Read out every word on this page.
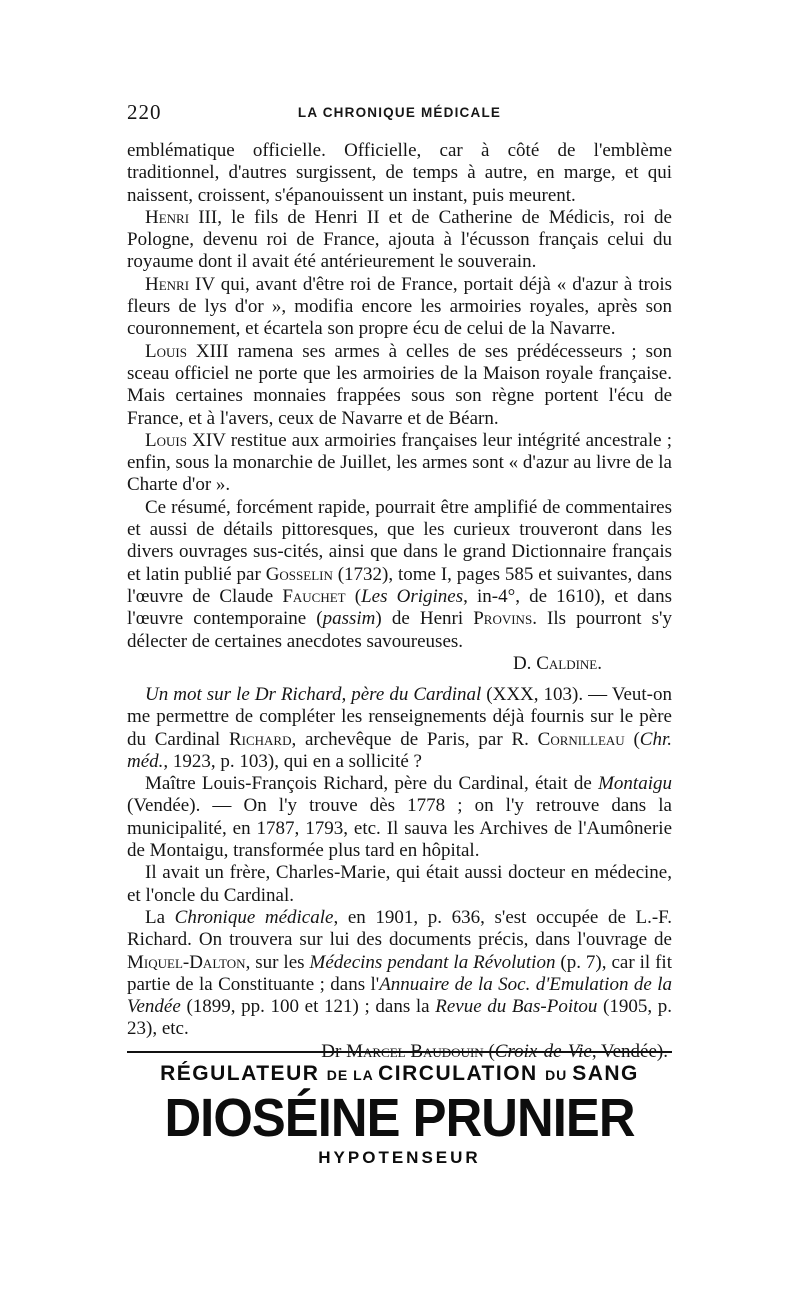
220	LA CHRONIQUE MÉDICALE

emblématique officielle. Officielle, car à côté de l'emblème traditionnel, d'autres surgissent, de temps à autre, en marge, et qui naissent, croissent, s'épanouissent un instant, puis meurent.

Henri III, le fils de Henri II et de Catherine de Médicis, roi de Pologne, devenu roi de France, ajouta à l'écusson français celui du royaume dont il avait été antérieurement le souverain.

Henri IV qui, avant d'être roi de France, portait déjà « d'azur à trois fleurs de lys d'or », modifia encore les armoiries royales, après son couronnement, et écartela son propre écu de celui de la Navarre.

Louis XIII ramena ses armes à celles de ses prédécesseurs ; son sceau officiel ne porte que les armoiries de la Maison royale française. Mais certaines monnaies frappées sous son règne portent l'écu de France, et à l'avers, ceux de Navarre et de Béarn.

Louis XIV restitue aux armoiries françaises leur intégrité ancestrale ; enfin, sous la monarchie de Juillet, les armes sont « d'azur au livre de la Charte d'or ».

Ce résumé, forcément rapide, pourrait être amplifié de commentaires et aussi de détails pittoresques, que les curieux trouveront dans les divers ouvrages sus-cités, ainsi que dans le grand Dictionnaire français et latin publié par Gosselin (1732), tome I, pages 585 et suivantes, dans l'œuvre de Claude Fauchet (Les Origines, in-4°, de 1610), et dans l'œuvre contemporaine (passim) de Henri Provins. Ils pourront s'y délecter de certaines anecdotes savoureuses.

D. Caldine.

Un mot sur le Dr Richard, père du Cardinal (XXX, 103). — Veut-on me permettre de compléter les renseignements déjà fournis sur le père du Cardinal Richard, archevêque de Paris, par R. Cornilleau (Chr. méd., 1923, p. 103), qui en a sollicité ?

Maître Louis-François Richard, père du Cardinal, était de Montaigu (Vendée). — On l'y trouve dès 1778 ; on l'y retrouve dans la municipalité, en 1787, 1793, etc. Il sauva les Archives de l'Aumônerie de Montaigu, transformée plus tard en hôpital.

Il avait un frère, Charles-Marie, qui était aussi docteur en médecine, et l'oncle du Cardinal.

La Chronique médicale, en 1901, p. 636, s'est occupée de L.-F. Richard. On trouvera sur lui des documents précis, dans l'ouvrage de Miquel-Dalton, sur les Médecins pendant la Révolution (p. 7), car il fit partie de la Constituante ; dans l'Annuaire de la Soc. d'Emulation de la Vendée (1899, pp. 100 et 121) ; dans la Revue du Bas-Poitou (1905, p. 23), etc.

Dr Marcel Baudouin (Croix-de-Vie, Vendée).

RÉGULATEUR DE LA CIRCULATION DU SANG
DIOSÉINE PRUNIER
HYPOTENSEUR
